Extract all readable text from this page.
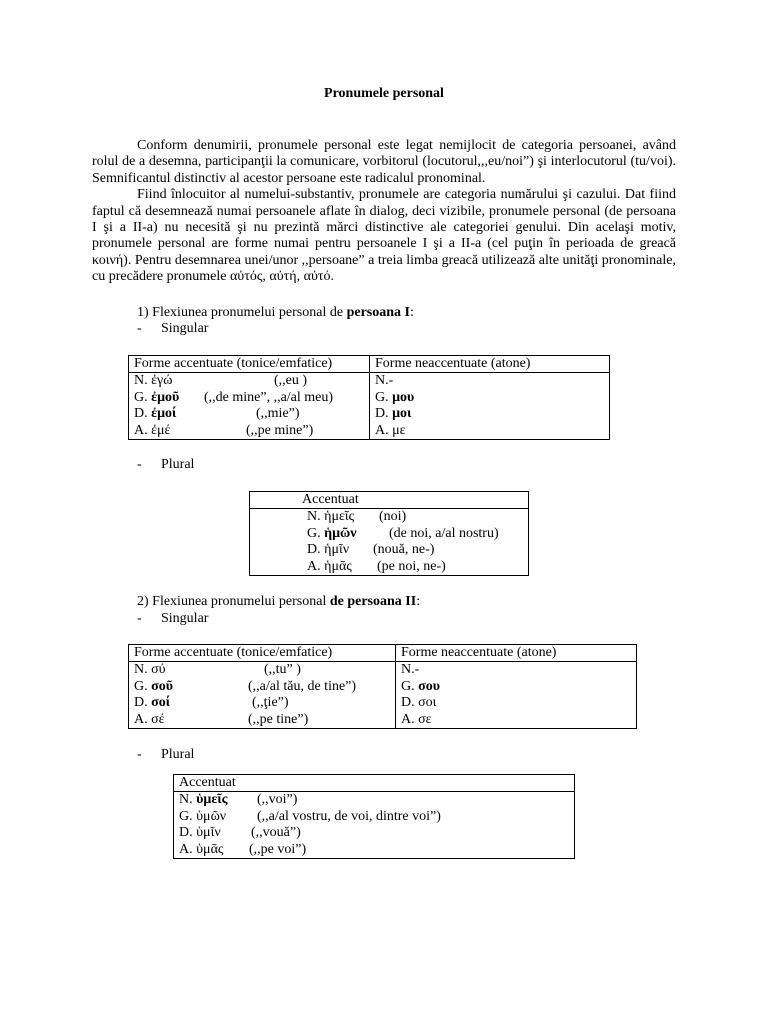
Pronumele personal

Conform denumirii, pronumele personal este legat nemijlocit de categoria persoanei, având rolul de a desemna, participanţii la comunicare, vorbitorul (locutorul,,,eu/noi”) şi interlocutorul (tu/voi). Semnificantul distinctiv al acestor persoane este radicalul pronominal.

Fiind înlocuitor al numelui-substantiv, pronumele are categoria numărului şi cazului. Dat fiind faptul că desemnează numai persoanele aflate în dialog, deci vizibile, pronumele personal (de persoana I şi a II-a) nu necesită şi nu prezintă mărci distinctive ale categoriei genului. Din acelaşi motiv, pronumele personal are forme numai pentru persoanele I şi a II-a (cel puţin în perioada de greacă κοινή). Pentru desemnarea unei/unor ,,persoane” a treia limba greacă utilizează alte unităţi pronominale, cu precădere pronumele αὐτός, αὐτή, αὐτό.

1) Flexiunea pronumelui personal de persoana I:

- Singular

Forme accentuate (tonice/emfatice)	Forme neaccentuate (atone)
N. ἐγώ (,,eu )	N.-
G. ἐμοῦ (,,de mine”, ,,a/al meu)	G. μου
D. ἐμοί (,,mie”)	D. μοι
A. ἐμέ (,,pe mine”)	A. με

- Plural

Accentuat
N. ἡμεῖς (noi)
G. ἡμῶν (de noi, a/al nostru)
D. ἡμῖν (nouă, ne-)
A. ἡμᾶς (pe noi, ne-)

2) Flexiunea pronumelui personal de persoana II:

- Singular

Forme accentuate (tonice/emfatice)	Forme neaccentuate (atone)
N. σύ (,,tu” )	N.-
G. σοῦ (,,a/al tău, de tine”)	G. σου
D. σοί (,,ţie”)	D. σοι
A. σέ (,,pe tine”)	A. σε

- Plural

Accentuat
N. ὑμεῖς (,,voi”)
G. ὑμῶν (,,a/al vostru, de voi, dintre voi”)
D. ὑμῖν (,,vouă”)
A. ὑμᾶς (,,pe voi”)
